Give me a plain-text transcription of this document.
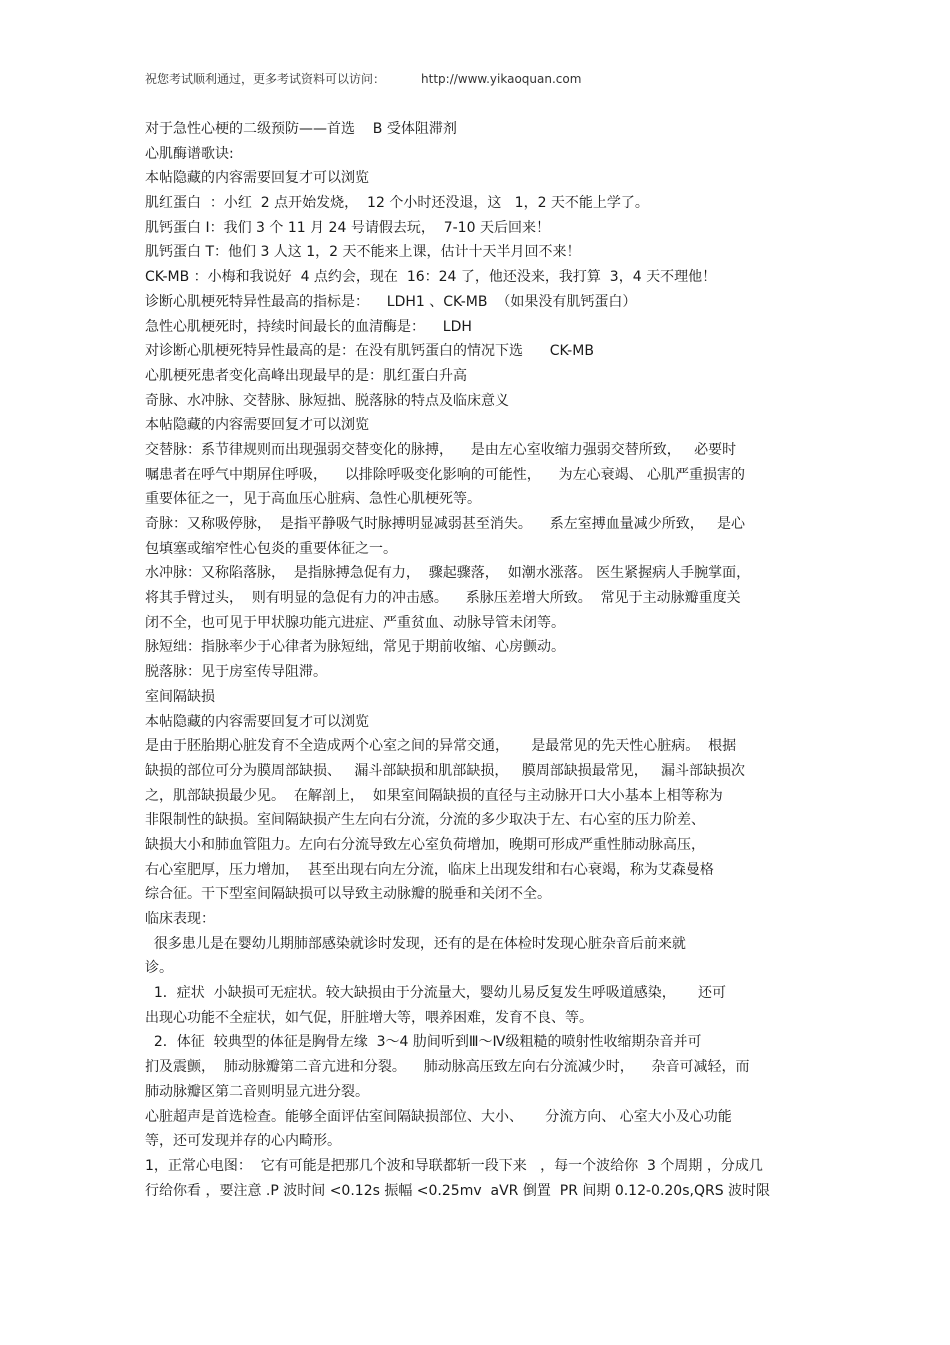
祝您考试顺利通过，更多考试资料可以访问：	http://www.yikaoquan.com
对于急性心梗的二级预防——首选    B 受体阻滞剂
心肌酶谱歌诀:
本帖隐藏的内容需要回复才可以浏览
肌红蛋白  ：小红  2 点开始发烧，  12 个小时还没退，这   1，2 天不能上学了。
肌钙蛋白 I：我们 3 个 11 月 24 号请假去玩，  7-10 天后回来！
肌钙蛋白 T：他们 3 人这 1，2 天不能来上课，估计十天半月回不来！
CK-MB ：小梅和我说好  4 点约会，现在  16：24 了，他还没来，我打算  3，4 天不理他！
诊断心肌梗死特异性最高的指标是：    LDH1 、CK-MB  （如果没有肌钙蛋白）
急性心肌梗死时，持续时间最长的血清酶是：    LDH
对诊断心肌梗死特异性最高的是：在没有肌钙蛋白的情况下选      CK-MB
心肌梗死患者变化高峰出现最早的是：肌红蛋白升高
奇脉、水冲脉、交替脉、脉短拙、脱落脉的特点及临床意义
本帖隐藏的内容需要回复才可以浏览
交替脉：系节律规则而出现强弱交替变化的脉搏，    是由左心室收缩力强弱交替所致，   必要时
嘱患者在呼气中期屏住呼吸，    以排除呼吸变化影响的可能性，    为左心衰竭、 心肌严重损害的
重要体征之一，见于高血压心脏病、急性心肌梗死等。
奇脉：又称吸停脉，  是指平静吸气时脉搏明显减弱甚至消失。    系左室搏血量减少所致，   是心
包填塞或缩窄性心包炎的重要体征之一。
水冲脉：又称陷落脉，  是指脉搏急促有力，  骤起骤落，  如潮水涨落。 医生紧握病人手腕掌面，
将其手臂过头，  则有明显的急促有力的冲击感。    系脉压差增大所致。  常见于主动脉瓣重度关
闭不全，也可见于甲状腺功能亢进症、严重贫血、动脉导管未闭等。
脉短绌：指脉率少于心律者为脉短绌，常见于期前收缩、心房颤动。
脱落脉：见于房室传导阻滞。
室间隔缺损
本帖隐藏的内容需要回复才可以浏览
是由于胚胎期心脏发育不全造成两个心室之间的异常交通，     是最常见的先天性心脏病。  根据
缺损的部位可分为膜周部缺损、   漏斗部缺损和肌部缺损，   膜周部缺损最常见，   漏斗部缺损次
之，肌部缺损最少见。  在解剖上，  如果室间隔缺损的直径与主动脉开口大小基本上相等称为
非限制性的缺损。室间隔缺损产生左向右分流，分流的多少取决于左、右心室的压力阶差、
缺损大小和肺血管阻力。左向右分流导致左心室负荷增加，晚期可形成严重性肺动脉高压，
右心室肥厚，压力增加，  甚至出现右向左分流，临床上出现发绀和右心衰竭，称为艾森曼格
综合征。干下型室间隔缺损可以导致主动脉瓣的脱垂和关闭不全。
临床表现：
很多患儿是在婴幼儿期肺部感染就诊时发现，还有的是在体检时发现心脏杂音后前来就
诊。
1．症状  小缺损可无症状。较大缺损由于分流量大，婴幼儿易反复发生呼吸道感染，     还可
出现心功能不全症状，如气促，肝脏增大等，喂养困难，发育不良、等。
2．体征  较典型的体征是胸骨左缘  3～4 肋间听到Ⅲ～Ⅳ级粗糙的喷射性收缩期杂音并可
扪及震颤，  肺动脉瓣第二音亢进和分裂。    肺动脉高压致左向右分流减少时，    杂音可减轻，而
肺动脉瓣区第二音则明显亢进分裂。
心脏超声是首选检查。能够全面评估室间隔缺损部位、大小、     分流方向、 心室大小及心功能
等，还可发现并存的心内畸形。
1，正常心电图：  它有可能是把那几个波和导联都斩一段下来   ，每一个波给你  3 个周期 ，分成几
行给你看 ，要注意 .P 波时间 <0.12s 振幅 <0.25mv  aVR 倒置  PR 间期 0.12-0.20s,QRS 波时限
